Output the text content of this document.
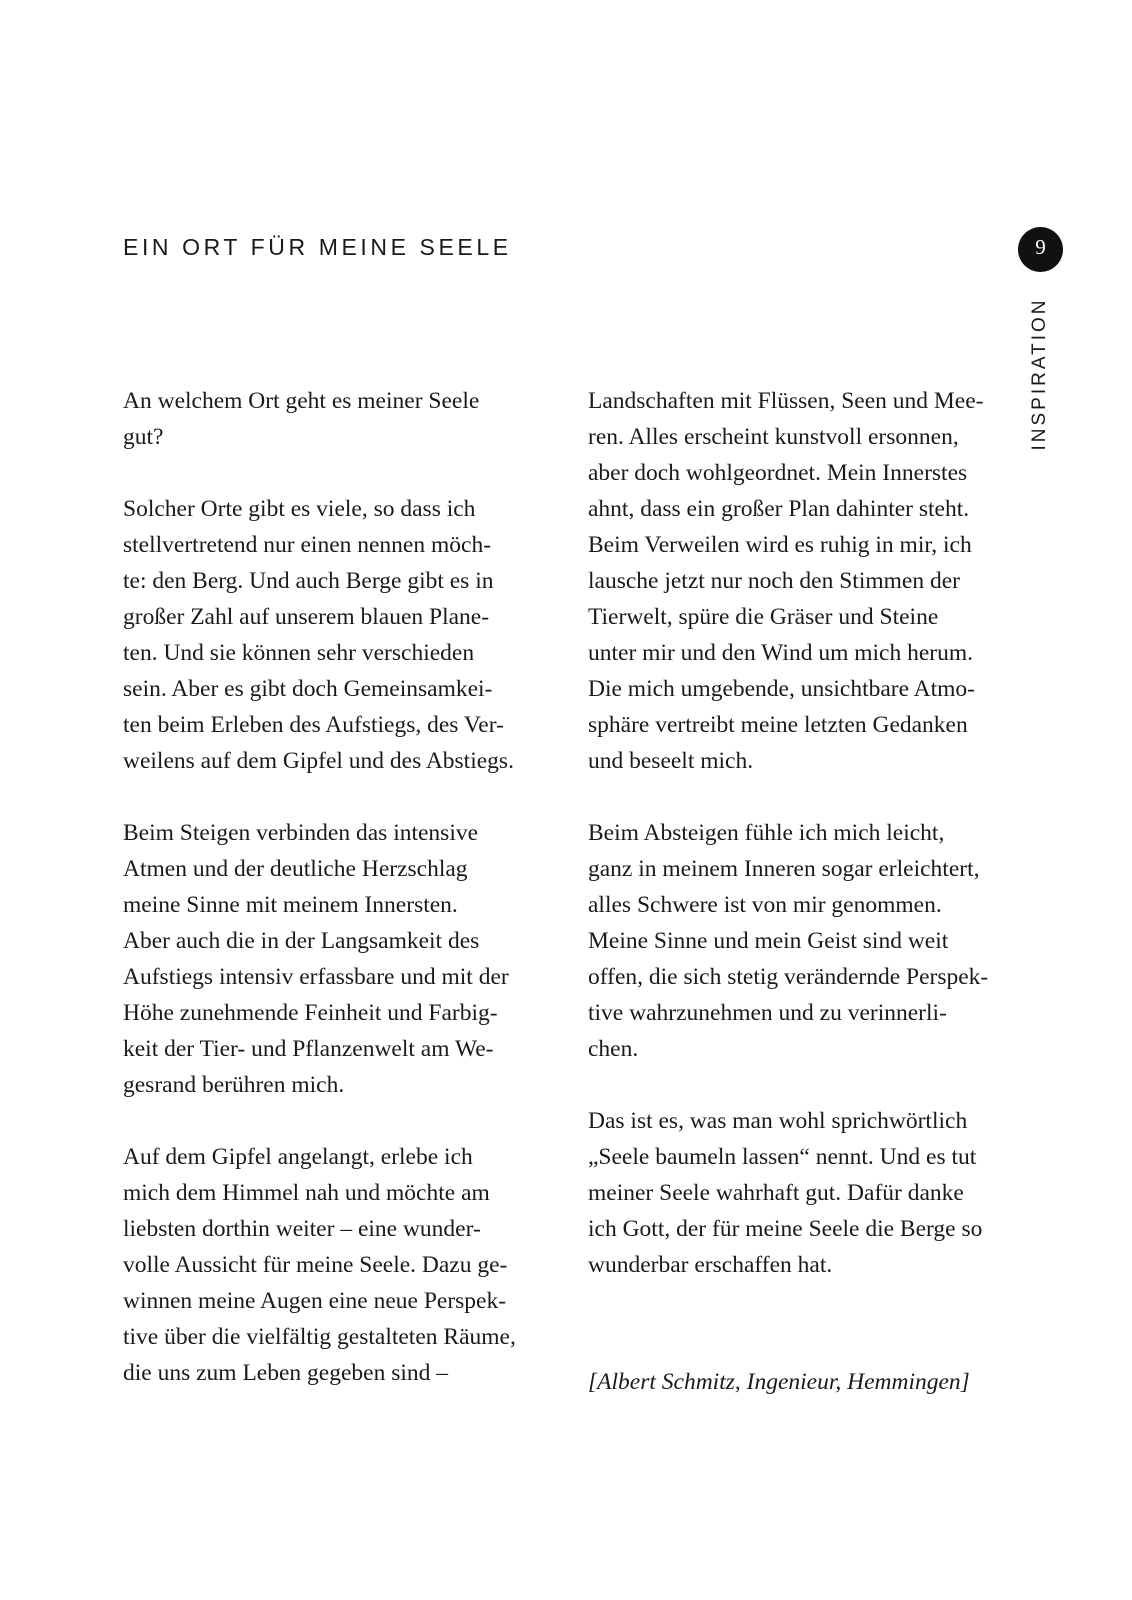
EIN ORT FÜR MEINE SEELE	9
INSPIRATION

An welchem Ort geht es meiner Seele
gut?

Solcher Orte gibt es viele, so dass ich
stellvertretend nur einen nennen möch-
te: den Berg. Und auch Berge gibt es in
großer Zahl auf unserem blauen Plane-
ten. Und sie können sehr verschieden
sein. Aber es gibt doch Gemeinsamkei-
ten beim Erleben des Aufstiegs, des Ver-
weilens auf dem Gipfel und des Abstiegs.

Beim Steigen verbinden das intensive
Atmen und der deutliche Herzschlag
meine Sinne mit meinem Innersten.
Aber auch die in der Langsamkeit des
Aufstiegs intensiv erfassbare und mit der
Höhe zunehmende Feinheit und Farbig-
keit der Tier- und Pflanzenwelt am We-
gesrand berühren mich.

Auf dem Gipfel angelangt, erlebe ich
mich dem Himmel nah und möchte am
liebsten dorthin weiter – eine wunder-
volle Aussicht für meine Seele. Dazu ge-
winnen meine Augen eine neue Perspek-
tive über die vielfältig gestalteten Räume,
die uns zum Leben gegeben sind –

Landschaften mit Flüssen, Seen und Mee-
ren. Alles erscheint kunstvoll ersonnen,
aber doch wohlgeordnet. Mein Innerstes
ahnt, dass ein großer Plan dahinter steht.
Beim Verweilen wird es ruhig in mir, ich
lausche jetzt nur noch den Stimmen der
Tierwelt, spüre die Gräser und Steine
unter mir und den Wind um mich herum.
Die mich umgebende, unsichtbare Atmo-
sphäre vertreibt meine letzten Gedanken
und beseelt mich.

Beim Absteigen fühle ich mich leicht,
ganz in meinem Inneren sogar erleichtert,
alles Schwere ist von mir genommen.
Meine Sinne und mein Geist sind weit
offen, die sich stetig verändernde Perspek-
tive wahrzunehmen und zu verinnerli-
chen.

Das ist es, was man wohl sprichwörtlich
„Seele baumeln lassen“ nennt. Und es tut
meiner Seele wahrhaft gut. Dafür danke
ich Gott, der für meine Seele die Berge so
wunderbar erschaffen hat.

[Albert Schmitz, Ingenieur, Hemmingen]
